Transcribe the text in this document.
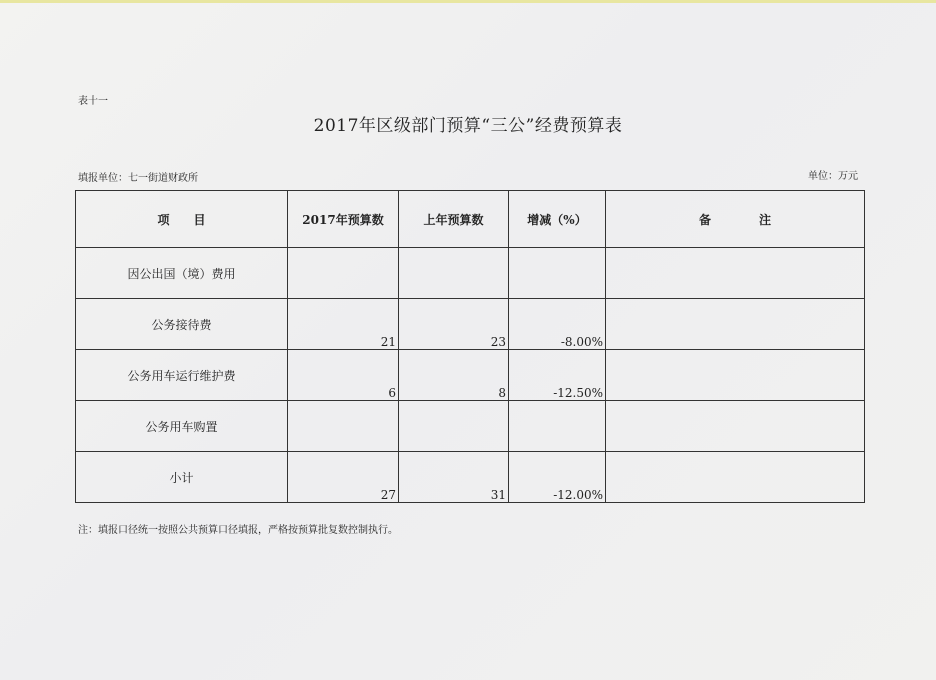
表十一
2017年区级部门预算“三公”经费预算表
填报单位：七一街道财政所	单位：万元
项　　目	2017年预算数	上年预算数	增减（%）	备　　　　注
因公出国（境）费用				
公务接待费	21	23	-8.00%	
公务用车运行维护费	6	8	-12.50%	
公务用车购置				
小计	27	31	-12.00%	
注：填报口径统一按照公共预算口径填报，严格按预算批复数控制执行。
